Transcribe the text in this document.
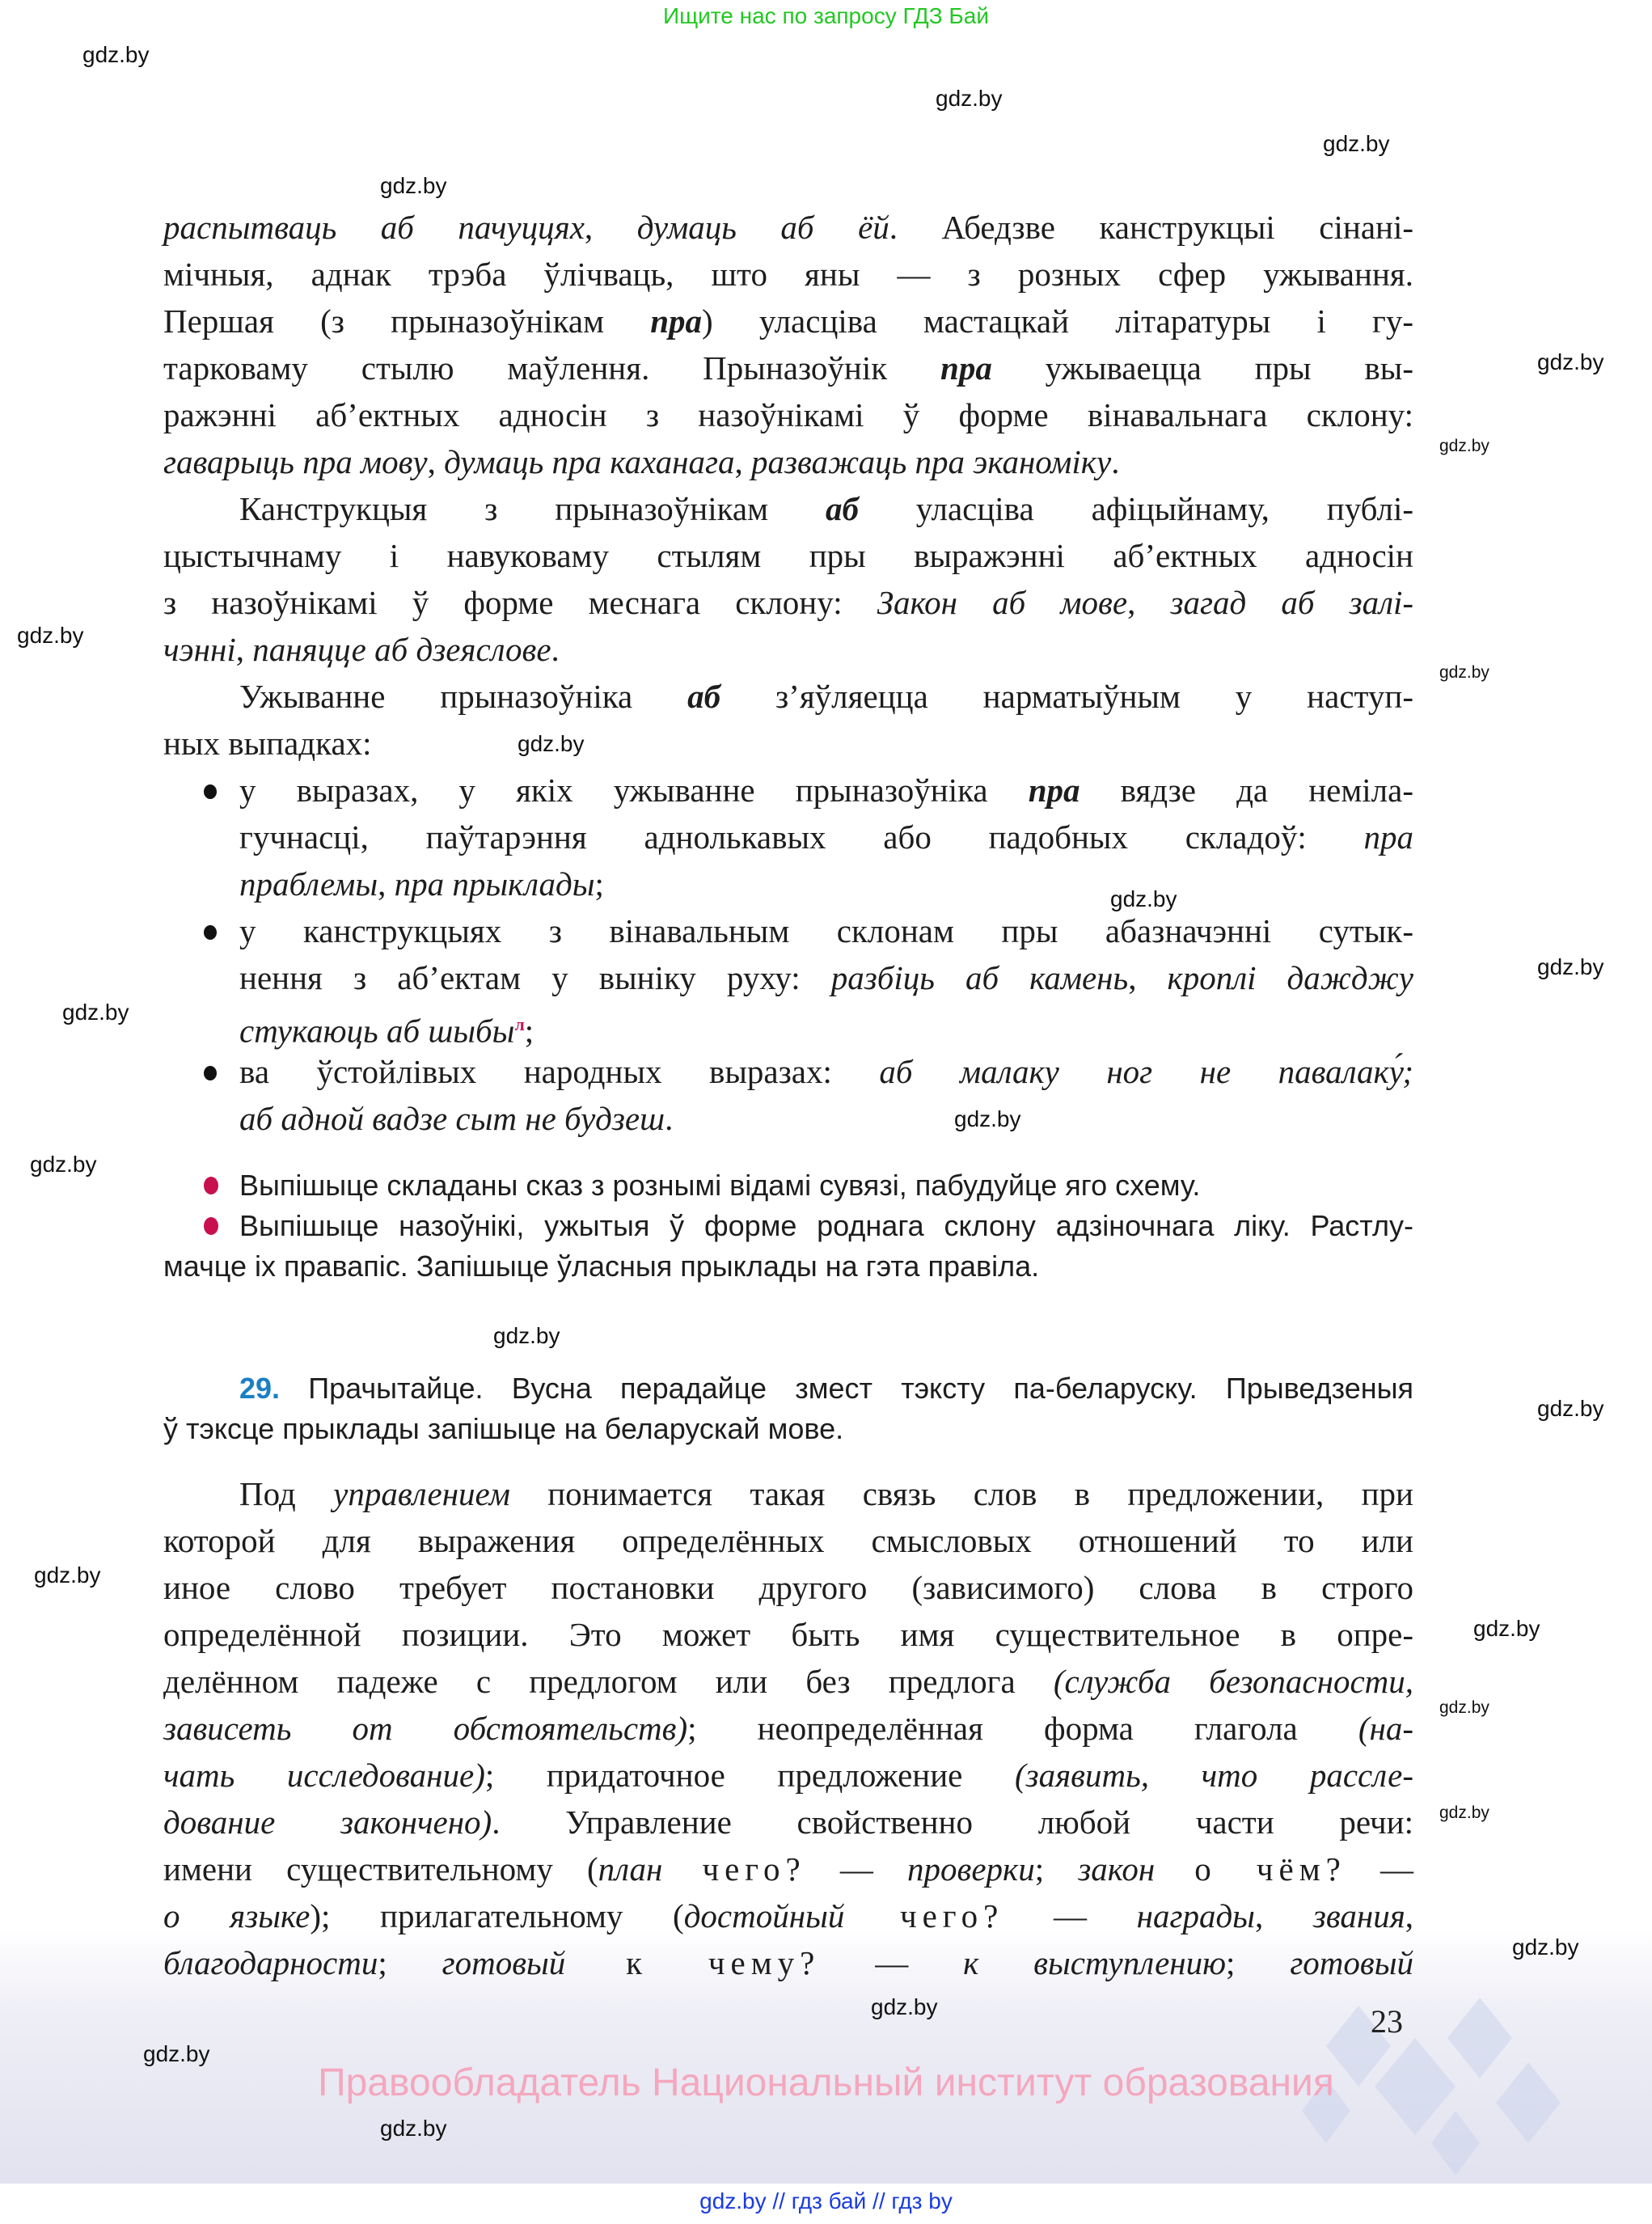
Ищите нас по запросу ГДЗ Бай
распытваць аб пачуццях, думаць аб ёй. Абедзве канструкцыі сінані-
мічныя, аднак трэба ўлічваць, што яны — з розных сфер ужывання.
Першая (з прыназоўнікам пра) уласціва мастацкай літаратуры і гу-
тарковаму стылю маўлення. Прыназоўнік пра ужываецца пры вы-
ражэнні аб’ектных адносін з назоўнікамі ў форме вінавальнага склону:
гаварыць пра мову, думаць пра каханага, разважаць пра эканоміку.
Канструкцыя з прыназоўнікам аб уласціва афіцыйнаму, публі-
цыстычнаму і навуковаму стылям пры выражэнні аб’ектных адносін
з назоўнікамі ў форме меснага склону: Закон аб мове, загад аб залі-
чэнні, паняцце аб дзеяслове.
Ужыванне прыназоўніка аб з’яўляецца нарматыўным у наступ-
ных выпадках:
у выразах, у якіх ужыванне прыназоўніка пра вядзе да неміла-
гучнасці, паўтарэння аднолькавых або падобных складоў: пра
праблемы, пра прыклады;
у канструкцыях з вінавальным склонам пры абазначэнні сутык-
нення з аб’ектам у выніку руху: разбіць аб камень, кроплі дажджу
стукаюць аб шыбы$^л$;
ва ўстойлівых народных выразах: аб малаку ног не павалаку́;
аб адной вадзе сыт не будзеш.
Выпішыце складаны сказ з рознымі відамі сувязі, пабудуйце яго схему.
Выпішыце назоўнікі, ужытыя ў форме роднага склону адзіночнага ліку. Растлу-
мачце іх правапіс. Запішыце ўласныя прыклады на гэта правіла.
29. Прачытайце. Вусна перадайце змест тэксту па-беларуску. Прыведзеныя
ў тэксце прыклады запішыце на беларускай мове.
Под управлением понимается такая связь слов в предложении, при
которой для выражения определённых смысловых отношений то или
иное слово требует постановки другого (зависимого) слова в строго
определённой позиции. Это может быть имя существительное в опре-
делённом падеже с предлогом или без предлога (служба безопасности,
зависеть от обстоятельств); неопределённая форма глагола (на-
чать исследование); придаточное предложение (заявить, что рассле-
дование закончено). Управление свойственно любой части речи:
имени существительному (план чего? — проверки; закон о чём? —
о языке); прилагательному (достойный чего? — награды, звания,
благодарности; готовый к чему? — к выступлению; готовый
23
Правообладатель Национальный институт образования
gdz.by // гдз бай // гдз by
gdz.by
gdz.by
gdz.by
gdz.by
gdz.by
gdz.by
gdz.by
gdz.by
gdz.by
gdz.by
gdz.by
gdz.by
gdz.by
gdz.by
gdz.by
gdz.by
gdz.by
gdz.by
gdz.by
gdz.by
gdz.by
gdz.by
gdz.by
gdz.by
